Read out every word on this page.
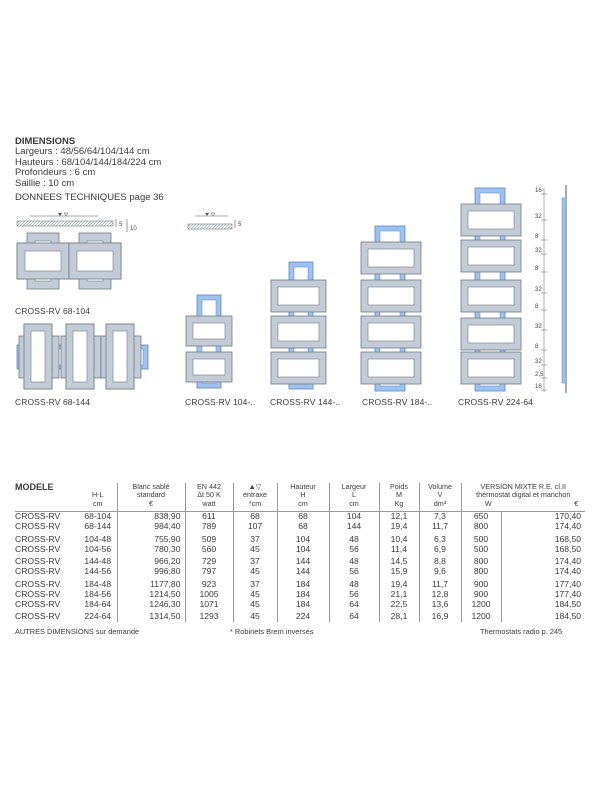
DIMENSIONS
Largeurs : 48/56/64/104/144 cm
Hauteurs : 68/104/144/184/224 cm
Profondeurs : 6 cm
Saillie : 10 cm
DONNEES TECHNIQUES page 36
5
10
5
16
32
8
32
8
32
8
32
8
32
2,5
16
CROSS-RV 68-104
CROSS-RV 68-144	CROSS-RV 104-.. CROSS-RV 144-..	CROSS-RV 184-..	CROSS-RV 224-64
MODELE	H-L
cm	Blanc sablé
standard
€	EN 442
Δt 50 K
watt	▲▽
entraxe
*cm	Hauteur
H
cm	Largeur
L
cm	Poids
M
Kg	Volume
V
dm³	VERSION MIXTE R.E. cl.II
thermostat digital et manchon
W €	
CROSS-RV	68-104	838,90	611	68	68	104	12,1	7,3	650	170,40
CROSS-RV	68-144	984,40	789	107	68	144	19,4	11,7	800	174,40
CROSS-RV	104-48	755,90	509	37	104	48	10,4	6,3	500	168,50
CROSS-RV	104-56	780,30	560	45	104	56	11,4	6,9	500	168,50
CROSS-RV	144-48	966,20	729	37	144	48	14,5	8,8	800	174,40
CROSS-RV	144-56	996,80	797	45	144	56	15,9	9,6	800	174,40
CROSS-RV	184-48	1177,80	923	37	184	48	19,4	11,7	900	177,40
CROSS-RV	184-56	1214,50	1005	45	184	56	21,1	12,8	900	177,40
CROSS-RV	184-64	1246,30	1071	45	184	64	22,5	13,6	1200	184,50
CROSS-RV	224-64	1314,50	1293	45	224	64	28,1	16,9	1200	184,50
AUTRES DIMENSIONS sur demande	* Robinets Brem inversés	Thermostats radio p. 245
